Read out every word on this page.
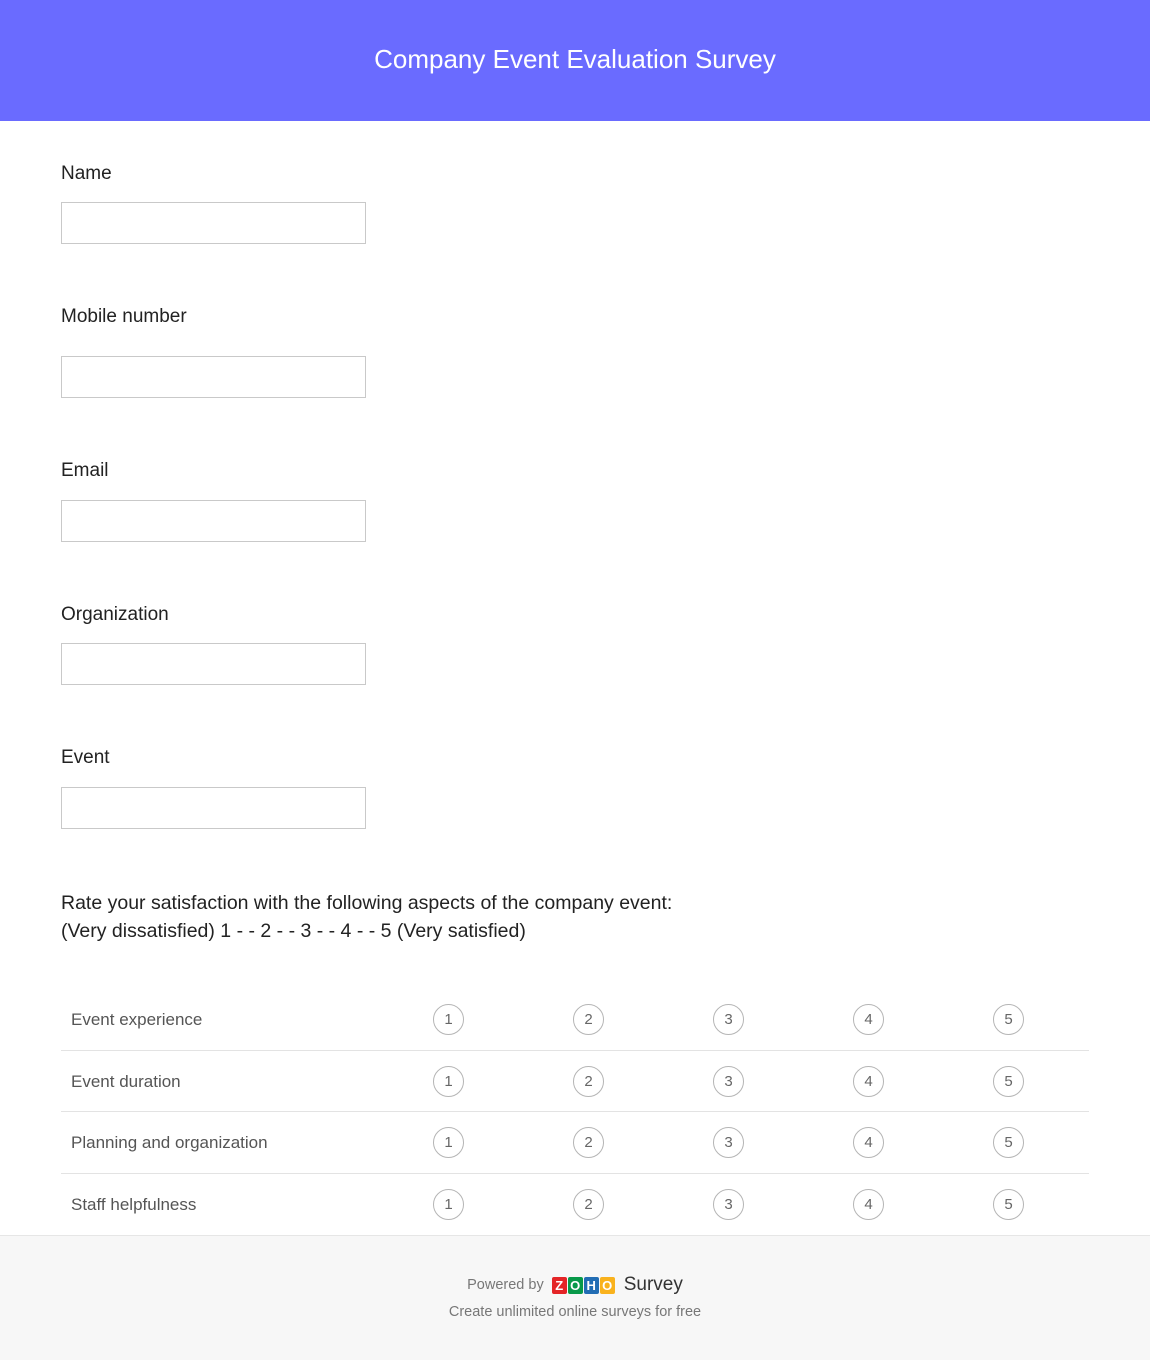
Company Event Evaluation Survey
Name
Mobile number
Email
Organization
Event
Rate your satisfaction with the following aspects of the company event:
(Very dissatisfied) 1 - - 2 - - 3 - - 4 - - 5 (Very satisfied)
Event experience	1	2	3	4	5
Event duration	1	2	3	4	5
Planning and organization	1	2	3	4	5
Staff helpfulness	1	2	3	4	5
Powered by Z O H O Survey
Create unlimited online surveys for free
